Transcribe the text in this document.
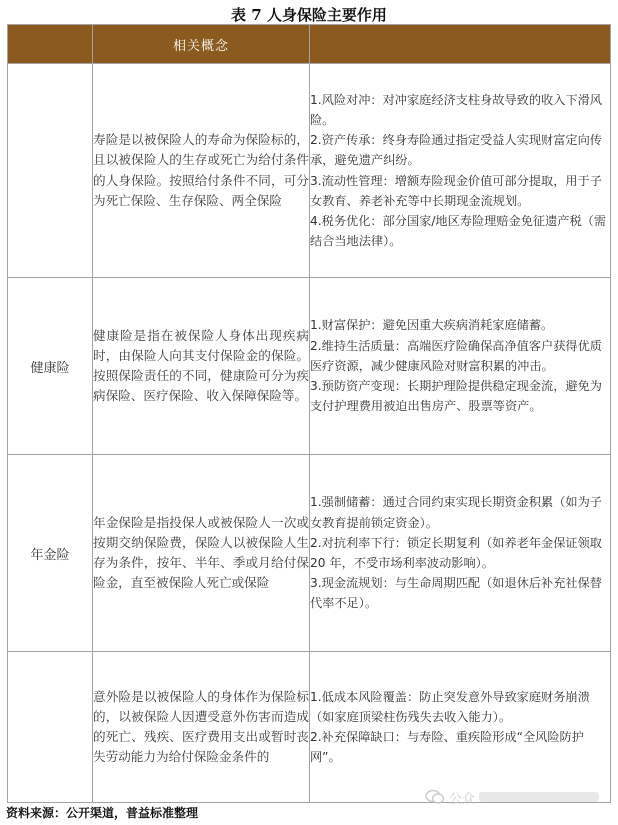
表 7 人身保险主要作用
	相关概念	
	寿险是以被保险人的寿命为保险标的，且以被保险人的生存或死亡为给付条件的人身保险。按照给付条件不同，可分为死亡保险、生存保险、两全保险	1.风险对冲：对冲家庭经济支柱身故导致的收入下滑风险。
2.资产传承：终身寿险通过指定受益人实现财富定向传承，避免遗产纠纷。
3.流动性管理：增额寿险现金价值可部分提取，用于子女教育、养老补充等中长期现金流规划。
4.税务优化：部分国家/地区寿险理赔金免征遗产税（需结合当地法律）。

健康险	健康险是指在被保险人身体出现疾病时，由保险人向其支付保险金的保险。按照保险责任的不同，健康险可分为疾病保险、医疗保险、收入保障保险等。	1.财富保护：避免因重大疾病消耗家庭储蓄。
2.维持生活质量：高端医疗险确保高净值客户获得优质医疗资源，减少健康风险对财富积累的冲击。
3.预防资产变现：长期护理险提供稳定现金流，避免为支付护理费用被迫出售房产、股票等资产。

年金险	年金保险是指投保人或被保险人一次或按期交纳保险费，保险人以被保险人生存为条件，按年、半年、季或月给付保险金，直至被保险人死亡或保险	1.强制储蓄：通过合同约束实现长期资金积累（如为子女教育提前锁定资金）。
2.对抗利率下行：锁定长期复利（如养老年金保证领取 20 年，不受市场利率波动影响）。
3.现金流规划：与生命周期匹配（如退休后补充社保替代率不足）。

	意外险是以被保险人的身体作为保险标的，以被保险人因遭受意外伤害而造成的死亡、残疾、医疗费用支出或暂时丧失劳动能力为给付保险金条件的	1.低成本风险覆盖：防止突发意外导致家庭财务崩溃（如家庭顶梁柱伤残失去收入能力）。
2.补充保障缺口：与寿险、重疾险形成“全风险防护网”。
资料来源：公开渠道，普益标准整理
公众
